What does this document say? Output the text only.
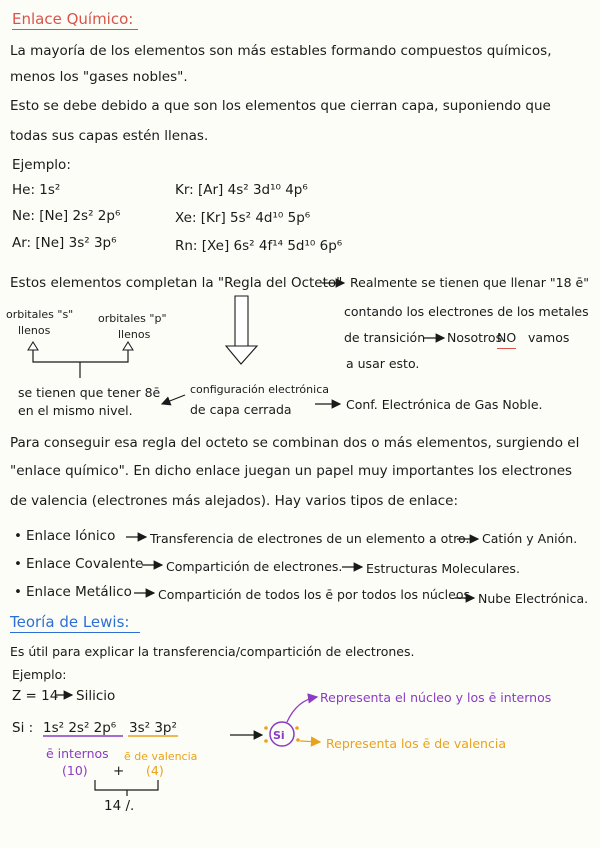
Enlace Químico:
La mayoría de los elementos son más estables formando compuestos químicos,
menos los "gases nobles".
Esto se debe debido a que son los elementos que cierran capa, suponiendo que
todas sus capas estén llenas.
Ejemplo:
He: 1s²
Ne: [Ne] 2s² 2p⁶
Ar: [Ne] 3s² 3p⁶
Kr: [Ar] 4s² 3d¹⁰ 4p⁶
Xe: [Kr] 5s² 4d¹⁰ 5p⁶
Rn: [Xe] 6s² 4f¹⁴ 5d¹⁰ 6p⁶
Estos elementos completan la "Regla del Octeto" Realmente se tienen que llenar "18 ē"
contando los electrones de los metales
de transición Nosotros
NO vamos
a usar esto.
orbitales "s"
llenos
orbitales "p"
llenos
se tienen que tener 8ē
en el mismo nivel.
configuración electrónica
de capa cerrada	Conf. Electrónica de Gas Noble.
Para conseguir esa regla del octeto se combinan dos o más elementos, surgiendo el
"enlace químico". En dicho enlace juegan un papel muy importantes los electrones
de valencia (electrones más alejados). Hay varios tipos de enlace:
• Enlace Iónico	Transferencia de electrones de un elemento a otro. Catión y Anión.
• Enlace Covalente Compartición de electrones. Estructuras Moleculares.
• Enlace Metálico Compartición de todos los ē por todos los núcleos Nube Electrónica.
Teoría de Lewis:
Es útil para explicar la transferencia/compartición de electrones.
Ejemplo:
Z = 14 Silicio
Si : 1s² 2s² 2p⁶ 3s² 3p²
ē internos
(10) +
ē de valencia
(4)
14 /.
Si
Representa el núcleo y los ē internos
Representa los ē de valencia
